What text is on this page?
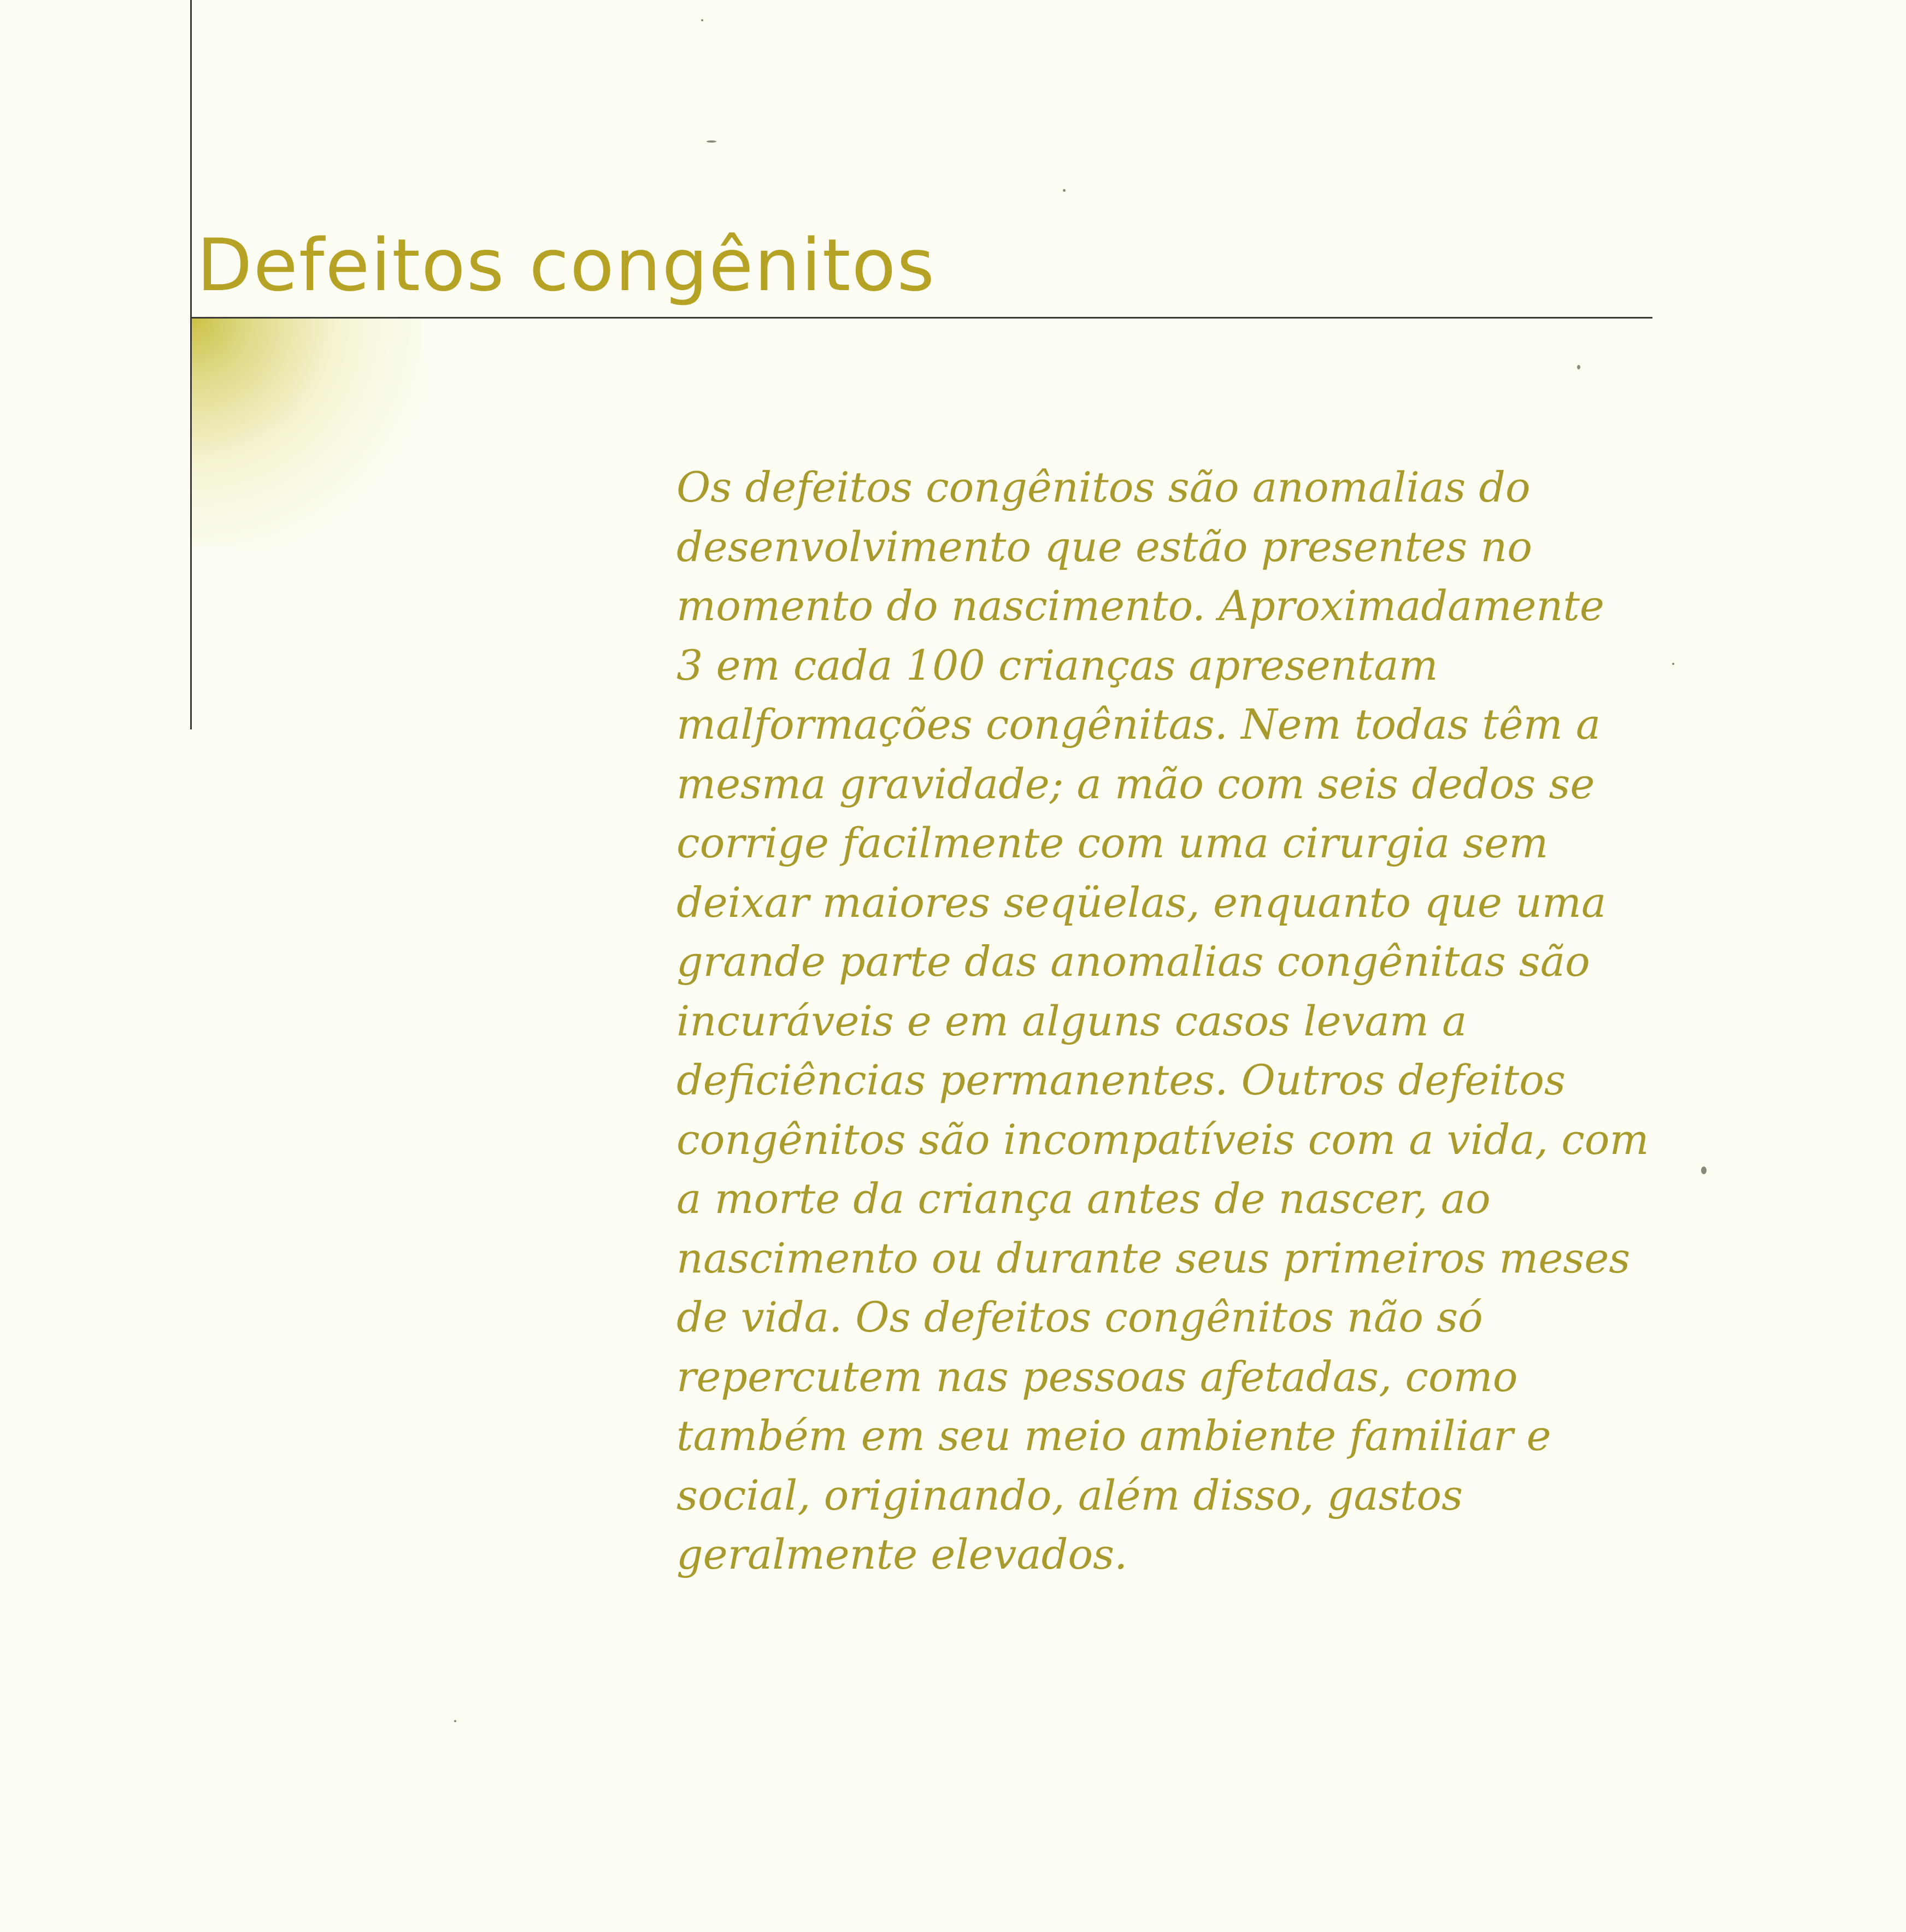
Defeitos congênitos

Os defeitos congênitos são anomalias do
desenvolvimento que estão presentes no
momento do nascimento. Aproximadamente
3 em cada 100 crianças apresentam
malformações congênitas. Nem todas têm a
mesma gravidade; a mão com seis dedos se
corrige facilmente com uma cirurgia sem
deixar maiores seqüelas, enquanto que uma
grande parte das anomalias congênitas são
incuráveis e em alguns casos levam a
deficiências permanentes. Outros defeitos
congênitos são incompatíveis com a vida, com
a morte da criança antes de nascer, ao
nascimento ou durante seus primeiros meses
de vida. Os defeitos congênitos não só
repercutem nas pessoas afetadas, como
também em seu meio ambiente familiar e
social, originando, além disso, gastos
geralmente elevados.
